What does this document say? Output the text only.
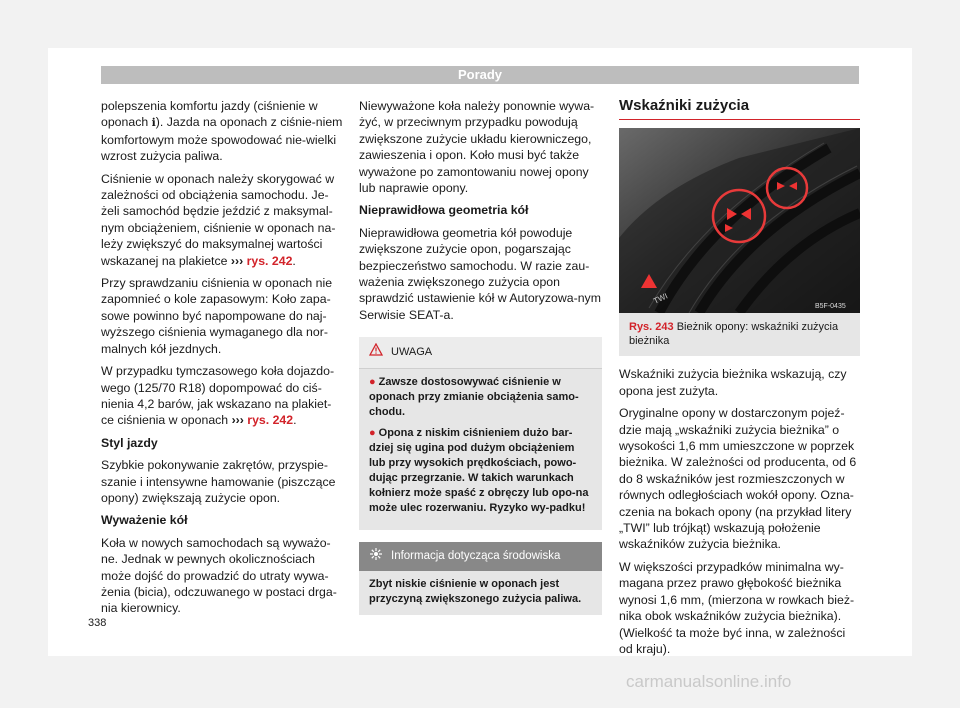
Porady

polepszenia komfortu jazdy (ciśnienie w oponach ℹ). Jazda na oponach z ciśnie-niem komfortowym może spowodować nie-wielki wzrost zużycia paliwa.

Ciśnienie w oponach należy skorygować w zależności od obciążenia samochodu. Je-żeli samochód będzie jeździć z maksymal-nym obciążeniem, ciśnienie w oponach na-leży zwiększyć do maksymalnej wartości wskazanej na plakietce ››› rys. 242.

Przy sprawdzaniu ciśnienia w oponach nie zapomnieć o kole zapasowym: Koło zapa-sowe powinno być napompowane do naj-wyższego ciśnienia wymaganego dla nor-malnych kół jezdnych.

W przypadku tymczasowego koła dojazdo-wego (125/70 R18) dopompować do ciś-nienia 4,2 barów, jak wskazano na plakiet-ce ciśnienia w oponach ››› rys. 242.

Styl jazdy

Szybkie pokonywanie zakrętów, przyspie-szanie i intensywne hamowanie (piszczące opony) zwiększają zużycie opon.

Wyważenie kół

Koła w nowych samochodach są wyważo-ne. Jednak w pewnych okolicznościach może dojść do prowadzić do utraty wywa-żenia (bicia), odczuwanego w postaci drga-nia kierownicy.

Niewyważone koła należy ponownie wywa-żyć, w przeciwnym przypadku powodują zwiększone zużycie układu kierowniczego, zawieszenia i opon. Koło musi być także wyważone po zamontowaniu nowej opony lub naprawie opony.

Nieprawidłowa geometria kół

Nieprawidłowa geometria kół powoduje zwiększone zużycie opon, pogarszając bezpieczeństwo samochodu. W razie zau-ważenia zwiększonego zużycia opon sprawdzić ustawienie kół w Autoryzowa-nym Serwisie SEAT-a.

UWAGA

● Zawsze dostosowywać ciśnienie w oponach przy zmianie obciążenia samo-chodu.

● Opona z niskim ciśnieniem dużo bar-dziej się ugina pod dużym obciążeniem lub przy wysokich prędkościach, powo-dując przegrzanie. W takich warunkach kołnierz może spaść z obręczy lub opo-na może ulec rozerwaniu. Ryzyko wy-padku!

Informacja dotycząca środowiska
Zbyt niskie ciśnienie w oponach jest przyczyną zwiększonego zużycia paliwa.
Wskaźniki zużycia
TWI
B5F-0435
Rys. 243 Bieżnik opony: wskaźniki zużycia bieżnika

Wskaźniki zużycia bieżnika wskazują, czy opona jest zużyta.

Oryginalne opony w dostarczonym pojeź-dzie mają „wskaźniki zużycia bieżnika” o wysokości 1,6 mm umieszczone w poprzek bieżnika. W zależności od producenta, od 6 do 8 wskaźników jest rozmieszczonych w równych odległościach wokół opony. Ozna-czenia na bokach opony (na przykład litery „TWI” lub trójkąt) wskazują położenie wskaźników zużycia bieżnika.

W większości przypadków minimalna wy-magana przez prawo głębokość bieżnika wynosi 1,6 mm, (mierzona w rowkach bież-nika obok wskaźników zużycia bieżnika). (Wielkość ta może być inna, w zależności od kraju).

338
carmanualsonline.info
